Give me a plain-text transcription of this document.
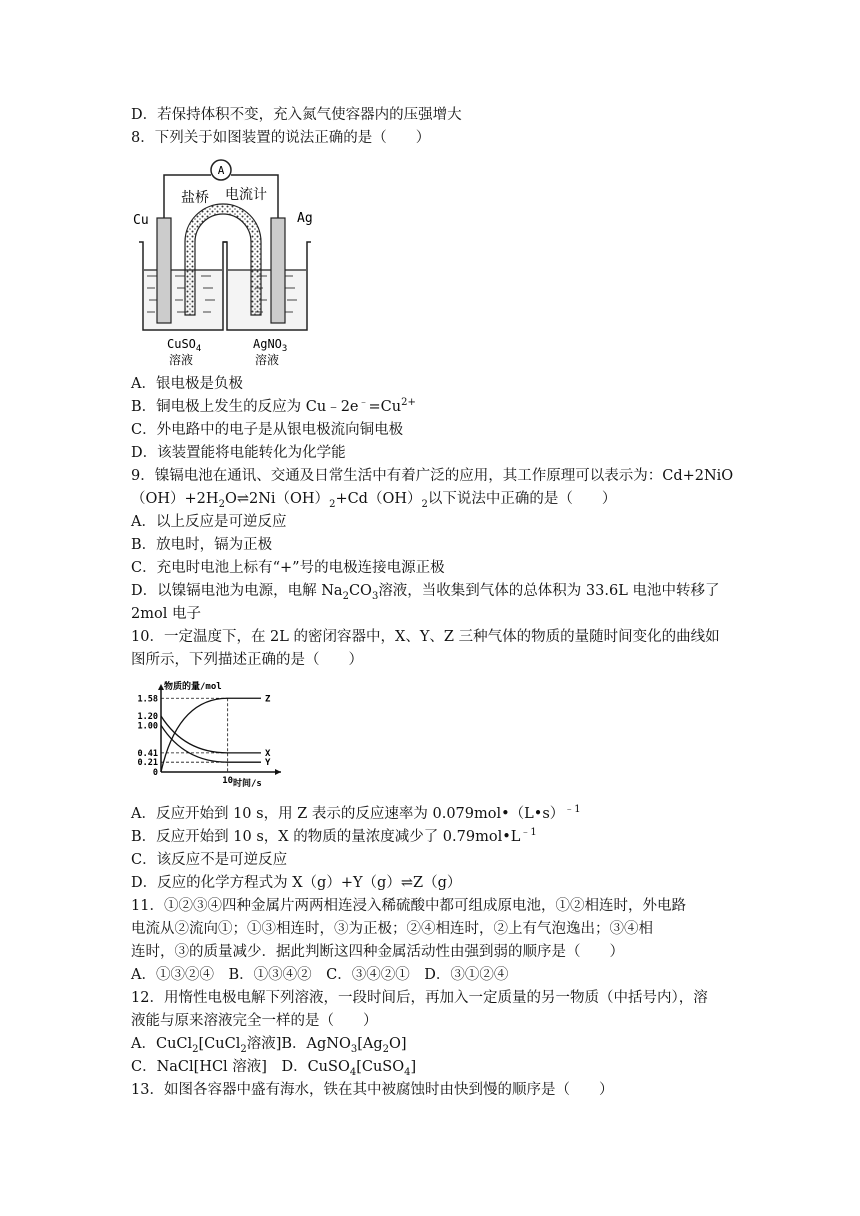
D．若保持体积不变，充入氮气使容器内的压强增大
8．下列关于如图装置的说法正确的是（　　）
A
盐桥 电流计
Cu	Ag
CuSO$_4$
溶液
AgNO$_3$
溶液
A．银电极是负极
B．铜电极上发生的反应为 $Cu﹣2e^﹣=Cu^{2+}$
C．外电路中的电子是从银电极流向铜电极
D．该装置能将电能转化为化学能
9．镍镉电池在通讯、交通及日常生活中有着广泛的应用，其工作原理可以表示为：Cd+2NiO
$(OH)+2H_2O\rightleftharpoons 2Ni(OH)_2+Cd(OH)_2$以下说法中正确的是（　　）
A．以上反应是可逆反应
B．放电时，镉为正极
C．充电时电池上标有“+”号的电极连接电源正极
D．以镍镉电池为电源，电解 $Na_2CO_3$溶液，当收集到气体的总体积为 33.6L 电池中转移了
2mol 电子
10．一定温度下，在 2L 的密闭容器中，X、Y、Z 三种气体的物质的量随时间变化的曲线如
图所示，下列描述正确的是（　　）
物质的量/mol
时间/s
1.58
1.20
1.00
0.41
0.21
0
10
Z
X
Y
A．反应开始到 10 s，用 Z 表示的反应速率为 0.079mol•（L•s）$^{﹣1}$
B．反应开始到 10 s，X 的物质的量浓度减少了 $0.79mol•L^{﹣1}$
C．该反应不是可逆反应
D．反应的化学方程式为 X（g）+Y（g）⇌Z（g）
11．①②③④四种金属片两两相连浸入稀硫酸中都可组成原电池，①②相连时，外电路
电流从②流向①；①③相连时，③为正极；②④相连时，②上有气泡逸出；③④相
连时，③的质量减少．据此判断这四种金属活动性由强到弱的顺序是（　　）
A．①③②④　B．①③④②　C．③④②①　D．③①②④
12．用惰性电极电解下列溶液，一段时间后，再加入一定质量的另一物质（中括号内），溶
液能与原来溶液完全一样的是（　　）
A．CuCl$_2$[CuCl$_2$溶液]B．$AgNO_3[Ag_2O]$
C．NaCl[HCl 溶液]　D．CuSO$_4$[CuSO$_4$]
13．如图各容器中盛有海水，铁在其中被腐蚀时由快到慢的顺序是（　　）
